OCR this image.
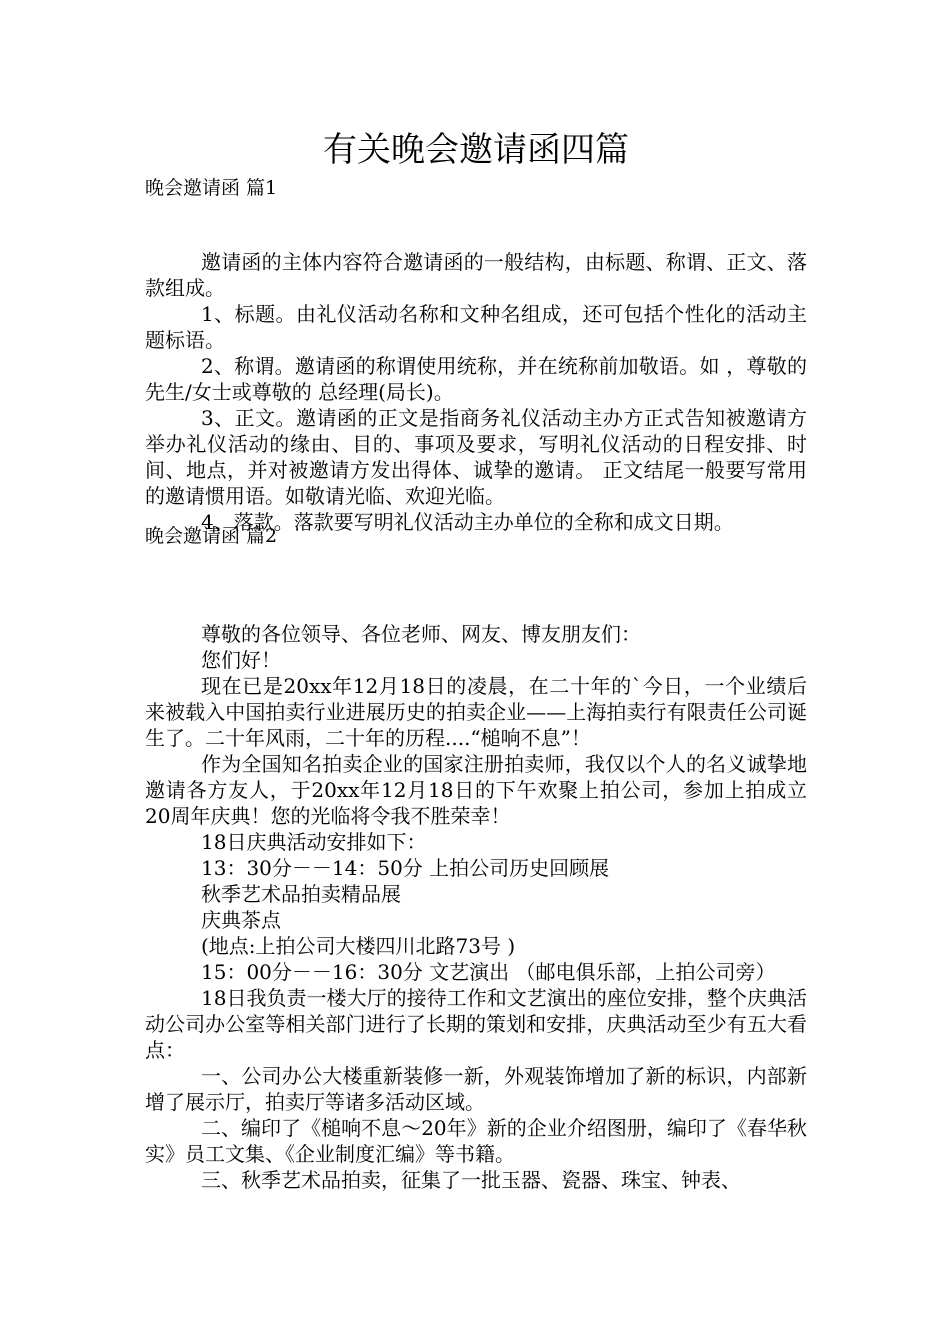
有关晚会邀请函四篇
晚会邀请函 篇1

邀请函的主体内容符合邀请函的一般结构，由标题、称谓、正文、落款组成。

1、标题。由礼仪活动名称和文种名组成，还可包括个性化的活动主题标语。

2、称谓。邀请函的称谓使用统称，并在统称前加敬语。如 ，尊敬的 先生/女士或尊敬的 总经理(局长)。

3、正文。邀请函的正文是指商务礼仪活动主办方正式告知被邀请方举办礼仪活动的缘由、目的、事项及要求，写明礼仪活动的日程安排、时间、地点，并对被邀请方发出得体、诚挚的邀请。 正文结尾一般要写常用的邀请惯用语。如敬请光临、欢迎光临。

4、落款。落款要写明礼仪活动主办单位的全称和成文日期。

晚会邀请函 篇2

尊敬的各位领导、各位老师、网友、博友朋友们：

您们好！

现在已是20xx年12月18日的凌晨，在二十年的`今日，一个业绩后来被载入中国拍卖行业进展历史的拍卖企业——上海拍卖行有限责任公司诞生了。二十年风雨，二十年的历程....“槌响不息”！

作为全国知名拍卖企业的国家注册拍卖师，我仅以个人的名义诚挚地邀请各方友人，于20xx年12月18日的下午欢聚上拍公司，参加上拍成立20周年庆典！您的光临将令我不胜荣幸！

18日庆典活动安排如下：

13：30分－－14：50分 上拍公司历史回顾展

秋季艺术品拍卖精品展

庆典茶点

(地点:上拍公司大楼四川北路73号 )

15：00分－－16：30分 文艺演出 （邮电俱乐部，上拍公司旁）

18日我负责一楼大厅的接待工作和文艺演出的座位安排，整个庆典活动公司办公室等相关部门进行了长期的策划和安排，庆典活动至少有五大看点：

一、公司办公大楼重新装修一新，外观装饰增加了新的标识，内部新增了展示厅，拍卖厅等诸多活动区域。

二、编印了《槌响不息～20年》新的企业介绍图册，编印了《春华秋实》员工文集、《企业制度汇编》等书籍。

三、秋季艺术品拍卖，征集了一批玉器、瓷器、珠宝、钟表、
